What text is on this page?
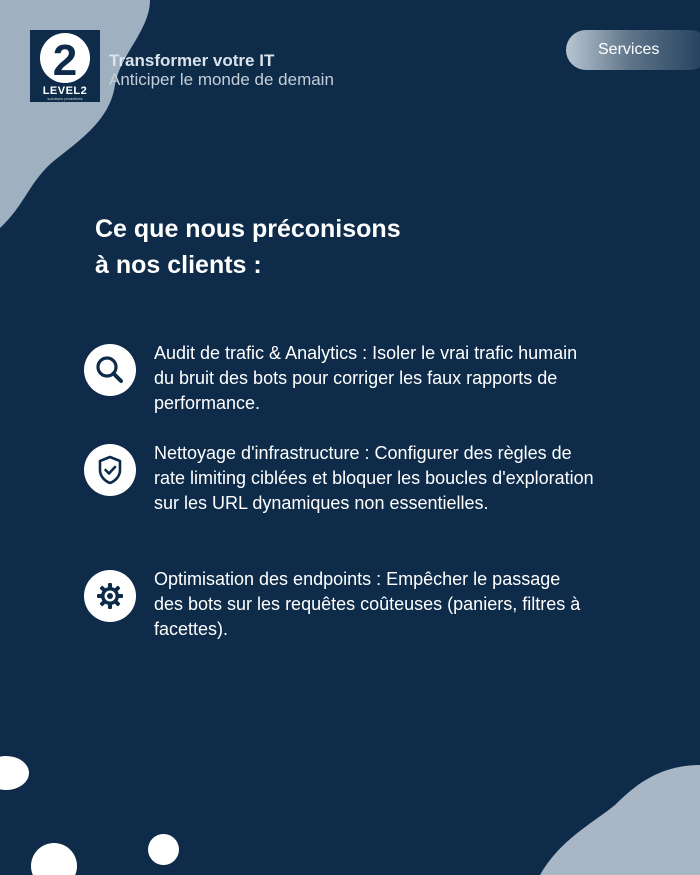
2
LEVEL2
solutions proactives
Transformer votre IT
Anticiper le monde de demain
Services
Ce que nous préconisons
à nos clients :
Audit de trafic & Analytics : Isoler le vrai trafic humain du bruit des bots pour corriger les faux rapports de performance.
Nettoyage d'infrastructure : Configurer des règles de rate limiting ciblées et bloquer les boucles d'exploration sur les URL dynamiques non essentielles.
Optimisation des endpoints : Empêcher le passage des bots sur les requêtes coûteuses (paniers, filtres à facettes).
